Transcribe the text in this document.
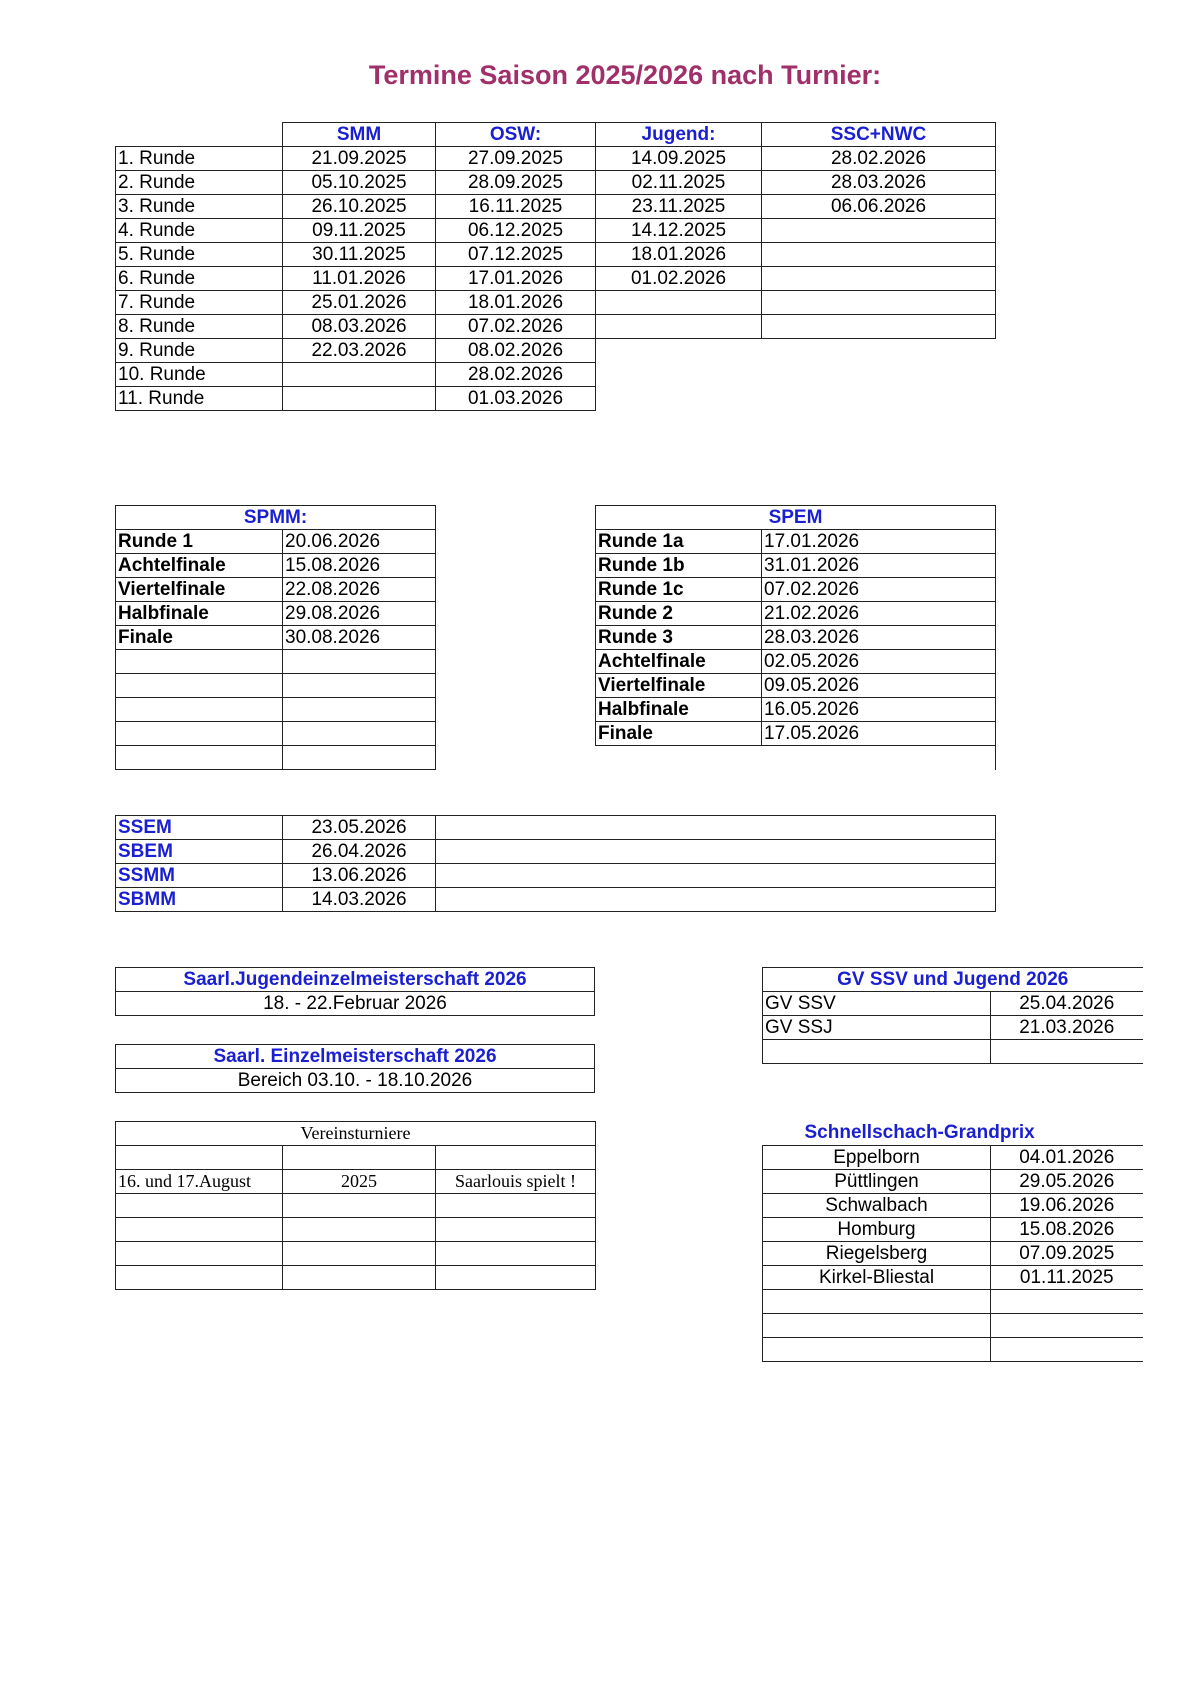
Termine Saison 2025/2026 nach Turnier:
	SMM	OSW:	Jugend:	SSC+NWC
1. Runde	21.09.2025	27.09.2025	14.09.2025	28.02.2026
2. Runde	05.10.2025	28.09.2025	02.11.2025	28.03.2026
3. Runde	26.10.2025	16.11.2025	23.11.2025	06.06.2026
4. Runde	09.11.2025	06.12.2025	14.12.2025	
5. Runde	30.11.2025	07.12.2025	18.01.2026	
6. Runde	11.01.2026	17.01.2026	01.02.2026	
7. Runde	25.01.2026	18.01.2026		
8. Runde	08.03.2026	07.02.2026		
9. Runde	22.03.2026	08.02.2026		
10. Runde		28.02.2026		
11. Runde		01.03.2026		
SPMM:	
Runde 1	20.06.2026
Achtelfinale	15.08.2026
Viertelfinale	22.08.2026
Halbfinale	29.08.2026
Finale	30.08.2026

SPEM	
Runde 1a	17.01.2026
Runde 1b	31.01.2026
Runde 1c	07.02.2026
Runde 2	21.02.2026
Runde 3	28.03.2026
Achtelfinale	02.05.2026
Viertelfinale	09.05.2026
Halbfinale	16.05.2026
Finale	17.05.2026

SSEM	23.05.2026	
SBEM	26.04.2026	
SSMM	13.06.2026	
SBMM	14.03.2026	
Saarl.Jugendeinzelmeisterschaft 2026
18. - 22.Februar 2026
Saarl. Einzelmeisterschaft 2026
Bereich 03.10. - 18.10.2026
Vereinsturniere		

16. und 17.August	2025	Saarlouis spielt !

GV SSV und Jugend 2026	
GV SSV	25.04.2026
GV SSJ	21.03.2026

Schnellschach-Grandprix	
Eppelborn	04.01.2026
Püttlingen	29.05.2026
Schwalbach	19.06.2026
Homburg	15.08.2026
Riegelsberg	07.09.2025
Kirkel-Bliestal	01.11.2025
